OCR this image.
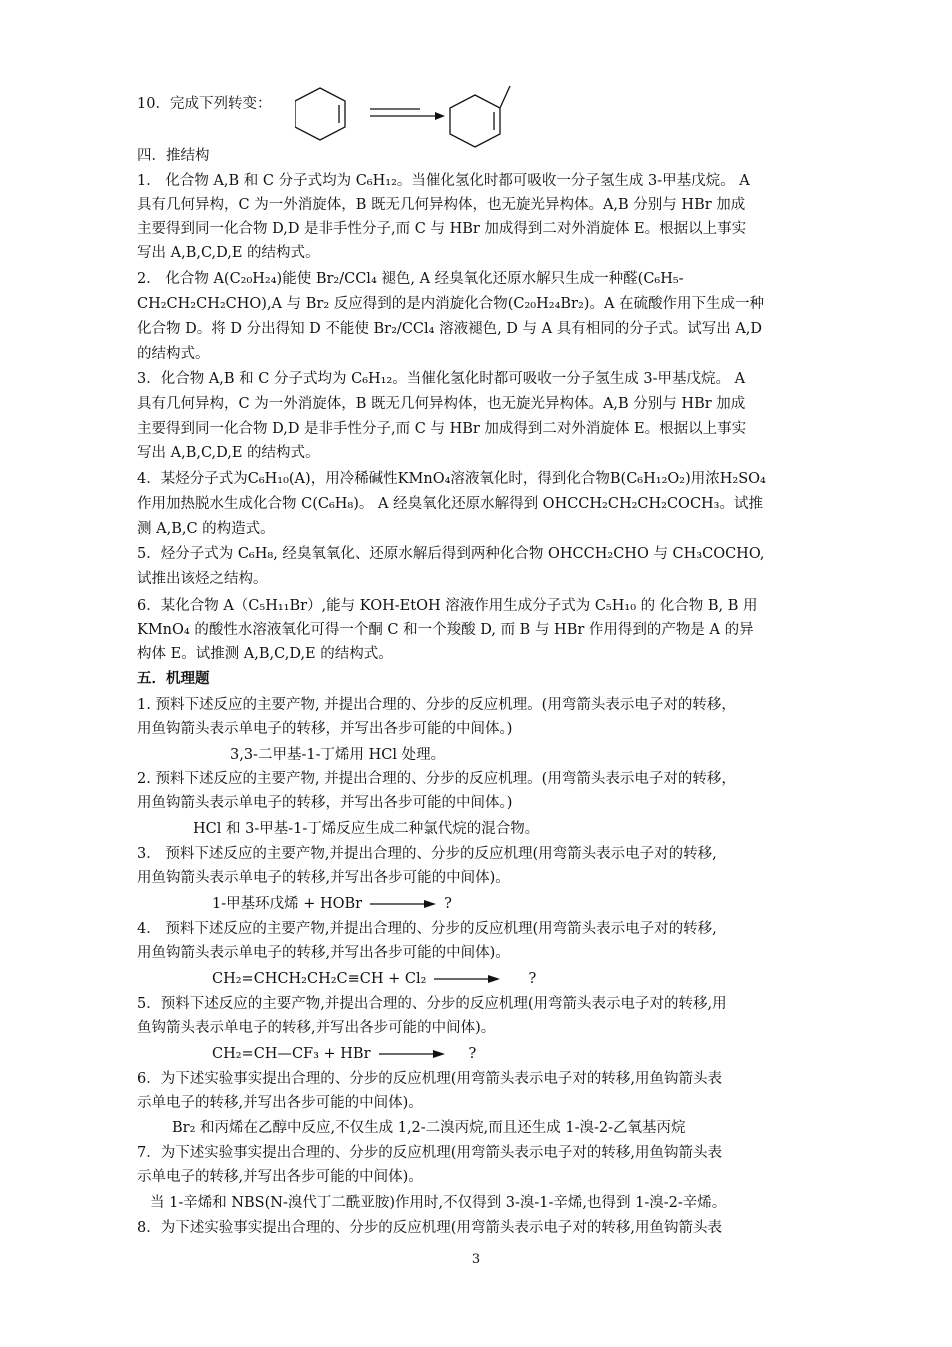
10．完成下列转变：
四．推结构
1． 化合物 A,B 和 C 分子式均为 C₆H₁₂。当催化氢化时都可吸收一分子氢生成 3-甲基戊烷。 A
具有几何异构，C 为一外消旋体，B 既无几何异构体，也无旋光异构体。A,B 分别与 HBr 加成
主要得到同一化合物 D,D 是非手性分子,而 C 与 HBr 加成得到二对外消旋体 E。根据以上事实
写出 A,B,C,D,E 的结构式。
2． 化合物 A(C₂₀H₂₄)能使 Br₂/CCl₄ 褪色, A 经臭氧化还原水解只生成一种醛(C₆H₅-
CH₂CH₂CH₂CHO),A 与 Br₂ 反应得到的是内消旋化合物(C₂₀H₂₄Br₂)。A 在硫酸作用下生成一种
化合物 D。将 D 分出得知 D 不能使 Br₂/CCl₄ 溶液褪色, D 与 A 具有相同的分子式。试写出 A,D
的结构式。
3．化合物 A,B 和 C 分子式均为 C₆H₁₂。当催化氢化时都可吸收一分子氢生成 3-甲基戊烷。 A
具有几何异构，C 为一外消旋体，B 既无几何异构体，也无旋光异构体。A,B 分别与 HBr 加成
主要得到同一化合物 D,D 是非手性分子,而 C 与 HBr 加成得到二对外消旋体 E。根据以上事实
写出 A,B,C,D,E 的结构式。
4．某烃分子式为C₆H₁₀(A)，用冷稀碱性KMnO₄溶液氧化时，得到化合物B(C₆H₁₂O₂)用浓H₂SO₄
作用加热脱水生成化合物 C(C₆H₈)。 A 经臭氧化还原水解得到 OHCCH₂CH₂CH₂COCH₃。试推
测 A,B,C 的构造式。
5．烃分子式为 C₆H₈, 经臭氧氧化、还原水解后得到两种化合物 OHCCH₂CHO 与 CH₃COCHO,
试推出该烃之结构。
6．某化合物 A（C₅H₁₁Br）,能与 KOH-EtOH 溶液作用生成分子式为 C₅H₁₀ 的 化合物 B, B 用
KMnO₄ 的酸性水溶液氧化可得一个酮 C 和一个羧酸 D, 而 B 与 HBr 作用得到的产物是 A 的异
构体 E。试推测 A,B,C,D,E 的结构式。
五．机理题
1. 预料下述反应的主要产物, 并提出合理的、分步的反应机理。(用弯箭头表示电子对的转移，
用鱼钩箭头表示单电子的转移，并写出各步可能的中间体。)
3,3-二甲基-1-丁烯用 HCl 处理。
2. 预料下述反应的主要产物, 并提出合理的、分步的反应机理。(用弯箭头表示电子对的转移，
用鱼钩箭头表示单电子的转移，并写出各步可能的中间体。)
HCl 和 3-甲基-1-丁烯反应生成二种氯代烷的混合物。
3． 预料下述反应的主要产物,并提出合理的、分步的反应机理(用弯箭头表示电子对的转移,
用鱼钩箭头表示单电子的转移,并写出各步可能的中间体)。
1-甲基环戊烯 + HOBr	?
4． 预料下述反应的主要产物,并提出合理的、分步的反应机理(用弯箭头表示电子对的转移,
用鱼钩箭头表示单电子的转移,并写出各步可能的中间体)。
CH₂=CHCH₂CH₂C≡CH + Cl₂	?
5．预料下述反应的主要产物,并提出合理的、分步的反应机理(用弯箭头表示电子对的转移,用
鱼钩箭头表示单电子的转移,并写出各步可能的中间体)。
CH₂=CH—CF₃ + HBr	?
6．为下述实验事实提出合理的、分步的反应机理(用弯箭头表示电子对的转移,用鱼钩箭头表
示单电子的转移,并写出各步可能的中间体)。
Br₂ 和丙烯在乙醇中反应,不仅生成 1,2-二溴丙烷,而且还生成 1-溴-2-乙氧基丙烷
7．为下述实验事实提出合理的、分步的反应机理(用弯箭头表示电子对的转移,用鱼钩箭头表
示单电子的转移,并写出各步可能的中间体)。
当 1-辛烯和 NBS(N-溴代丁二酰亚胺)作用时,不仅得到 3-溴-1-辛烯,也得到 1-溴-2-辛烯。
8．为下述实验事实提出合理的、分步的反应机理(用弯箭头表示电子对的转移,用鱼钩箭头表
3
